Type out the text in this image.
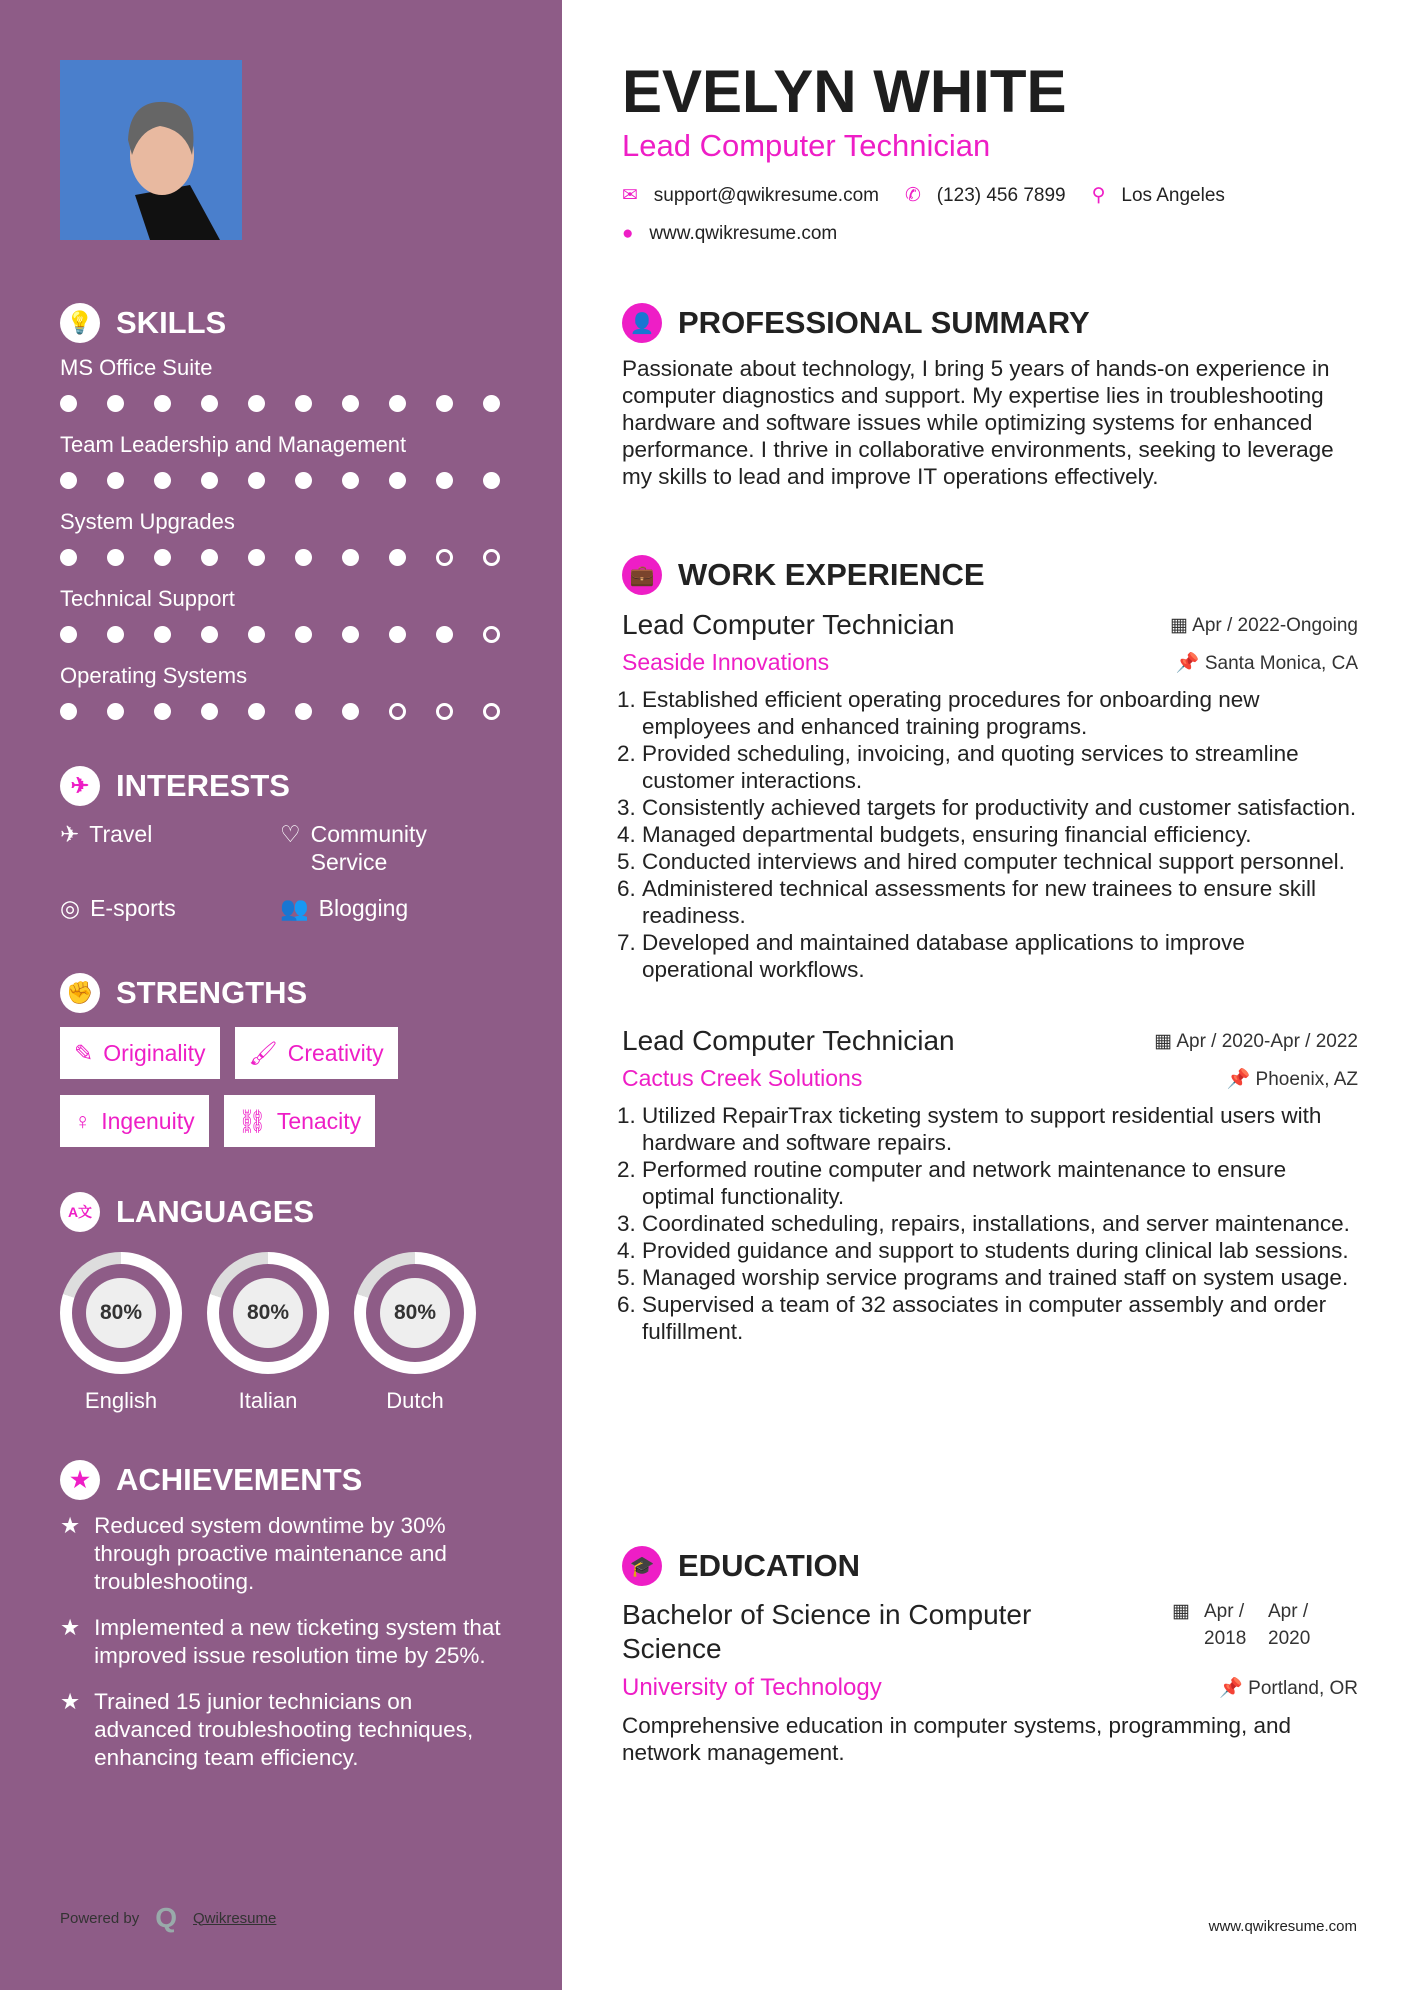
💡 SKILLS
MS Office Suite
Team Leadership and Management
System Upgrades
Technical Support
Operating Systems
✈ INTERESTS
✈ Travel	♡ Community Service
◎ E-sports	👥 Blogging
✊ STRENGTHS
✎ Originality 🖌 Creativity
♀ Ingenuity ⛓ Tenacity
A文 LANGUAGES
80%
English
80%
Italian
80%
Dutch
★ ACHIEVEMENTS
★ Reduced system downtime by 30% through proactive maintenance and troubleshooting.
★ Implemented a new ticketing system that improved issue resolution time by 25%.
★ Trained 15 junior technicians on advanced troubleshooting techniques, enhancing team efficiency.
Powered by Q Qwikresume
EVELYN WHITE
Lead Computer Technician
✉ support@qwikresume.com ✆ (123) 456 7899 ⚲ Los Angeles
● www.qwikresume.com
👤 PROFESSIONAL SUMMARY

Passionate about technology, I bring 5 years of hands-on experience in computer diagnostics and support. My expertise lies in troubleshooting hardware and software issues while optimizing systems for enhanced performance. I thrive in collaborative environments, seeking to leverage my skills to lead and improve IT operations effectively.

💼 WORK EXPERIENCE
Lead Computer Technician	▦ Apr / 2022-Ongoing
Seaside Innovations	📌 Santa Monica, CA
1. Established efficient operating procedures for onboarding new employees and enhanced training programs.
2. Provided scheduling, invoicing, and quoting services to streamline customer interactions.
3. Consistently achieved targets for productivity and customer satisfaction.
4. Managed departmental budgets, ensuring financial efficiency.
5. Conducted interviews and hired computer technical support personnel.
6. Administered technical assessments for new trainees to ensure skill readiness.
7. Developed and maintained database applications to improve operational workflows.
Lead Computer Technician	▦ Apr / 2020-Apr / 2022
Cactus Creek Solutions	📌 Phoenix, AZ
1. Utilized RepairTrax ticketing system to support residential users with hardware and software repairs.
2. Performed routine computer and network maintenance to ensure optimal functionality.
3. Coordinated scheduling, repairs, installations, and server maintenance.
4. Provided guidance and support to students during clinical lab sessions.
5. Managed worship service programs and trained staff on system usage.
6. Supervised a team of 32 associates in computer assembly and order fulfillment.
🎓 EDUCATION
Bachelor of Science in Computer Science
▦ Apr / 2018
Apr / 2020
University of Technology	📌 Portland, OR

Comprehensive education in computer systems, programming, and network management.

www.qwikresume.com
